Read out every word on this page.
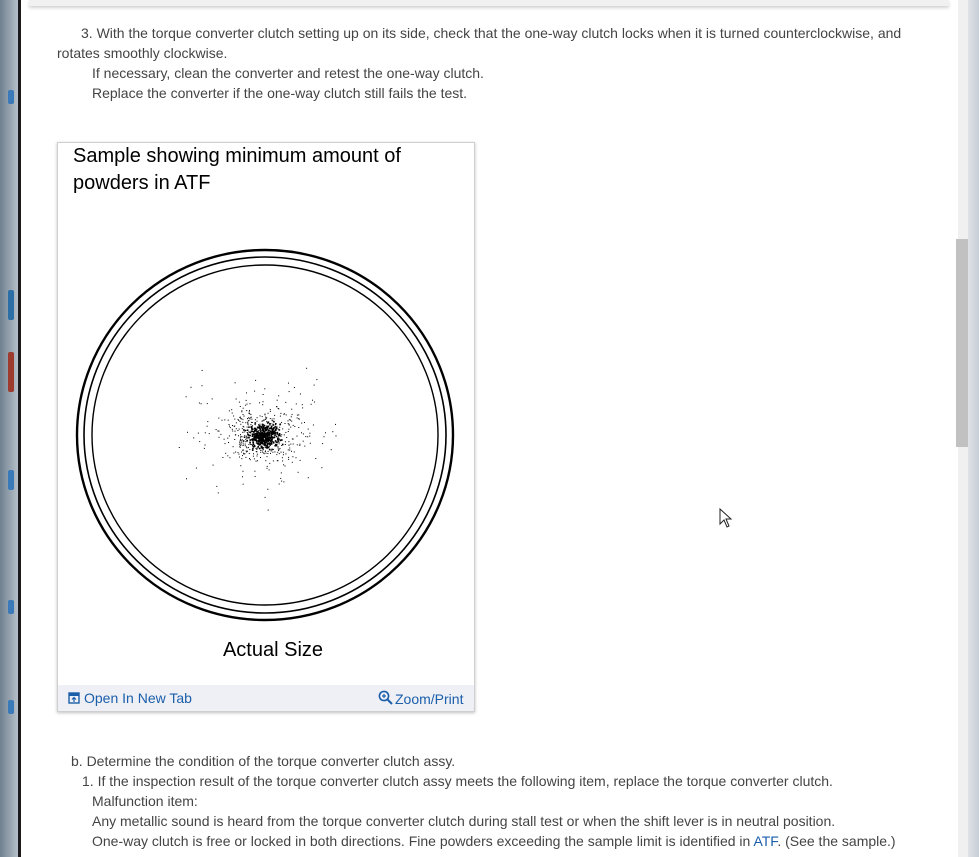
3. With the torque converter clutch setting up on its side, check that the one-way clutch locks when it is turned counterclockwise, and
rotates smoothly clockwise.
If necessary, clean the converter and retest the one-way clutch.
Replace the converter if the one-way clutch still fails the test.
Sample showing minimum amount of
powders in ATF
Actual Size
Open In New Tab	Zoom/Print
b. Determine the condition of the torque converter clutch assy.
1. If the inspection result of the torque converter clutch assy meets the following item, replace the torque converter clutch.
Malfunction item:
Any metallic sound is heard from the torque converter clutch during stall test or when the shift lever is in neutral position.
One-way clutch is free or locked in both directions. Fine powders exceeding the sample limit is identified in ATF. (See the sample.)
